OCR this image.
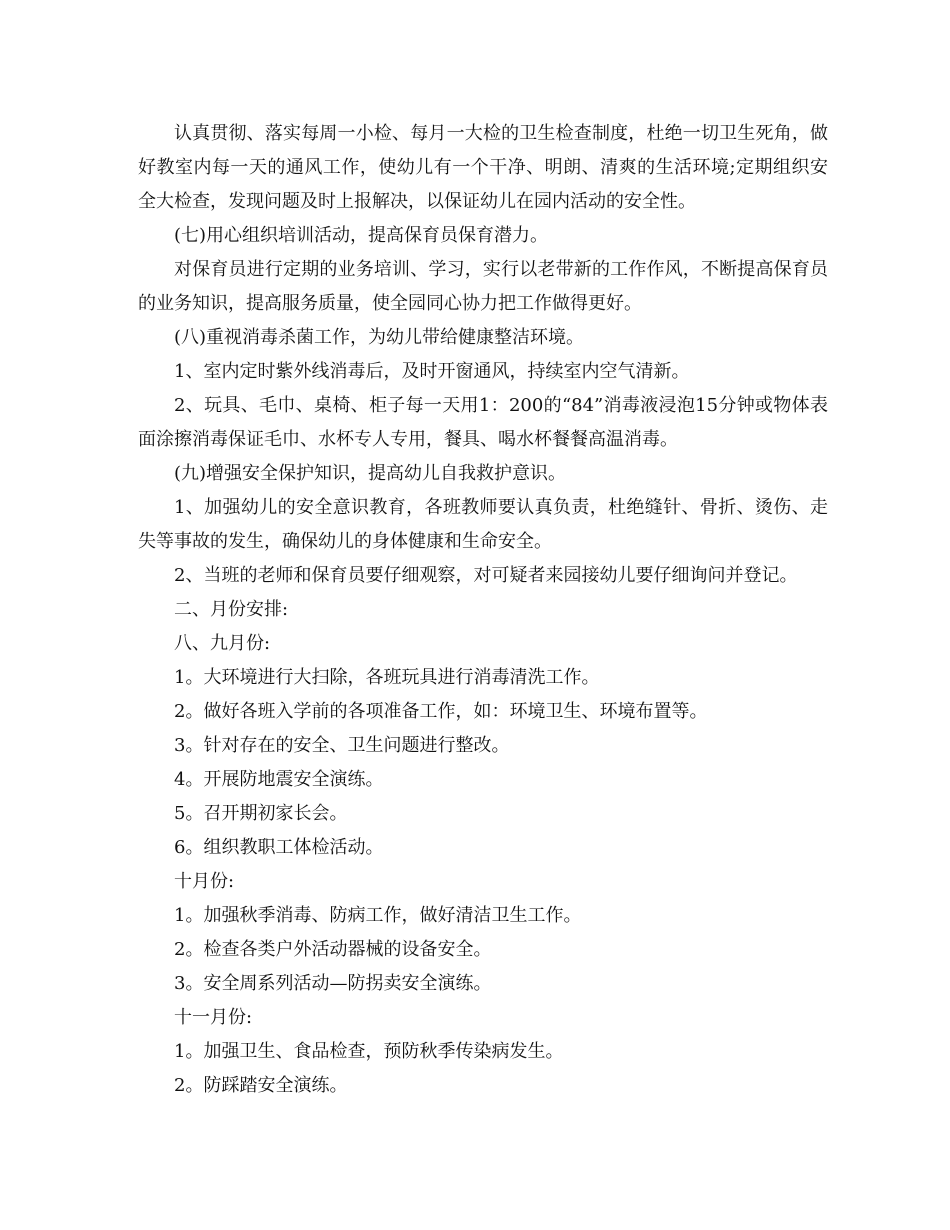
认真贯彻、落实每周一小检、每月一大检的卫生检查制度，杜绝一切卫生死角，做好教室内每一天的通风工作，使幼儿有一个干净、明朗、清爽的生活环境;定期组织安全大检查，发现问题及时上报解决，以保证幼儿在园内活动的安全性。

(七)用心组织培训活动，提高保育员保育潜力。

对保育员进行定期的业务培训、学习，实行以老带新的工作作风，不断提高保育员的业务知识，提高服务质量，使全园同心协力把工作做得更好。

(八)重视消毒杀菌工作，为幼儿带给健康整洁环境。

1、室内定时紫外线消毒后，及时开窗通风，持续室内空气清新。

2、玩具、毛巾、桌椅、柜子每一天用1：200的“84”消毒液浸泡15分钟或物体表面涂擦消毒保证毛巾、水杯专人专用，餐具、喝水杯餐餐高温消毒。

(九)增强安全保护知识，提高幼儿自我救护意识。

1、加强幼儿的安全意识教育，各班教师要认真负责，杜绝缝针、骨折、烫伤、走失等事故的发生，确保幼儿的身体健康和生命安全。

2、当班的老师和保育员要仔细观察，对可疑者来园接幼儿要仔细询问并登记。

二、月份安排:

八、九月份:

1。大环境进行大扫除，各班玩具进行消毒清洗工作。

2。做好各班入学前的各项准备工作，如：环境卫生、环境布置等。

3。针对存在的安全、卫生问题进行整改。

4。开展防地震安全演练。

5。召开期初家长会。

6。组织教职工体检活动。

十月份:

1。加强秋季消毒、防病工作，做好清洁卫生工作。

2。检查各类户外活动器械的设备安全。

3。安全周系列活动—防拐卖安全演练。

十一月份:

1。加强卫生、食品检查，预防秋季传染病发生。

2。防踩踏安全演练。
